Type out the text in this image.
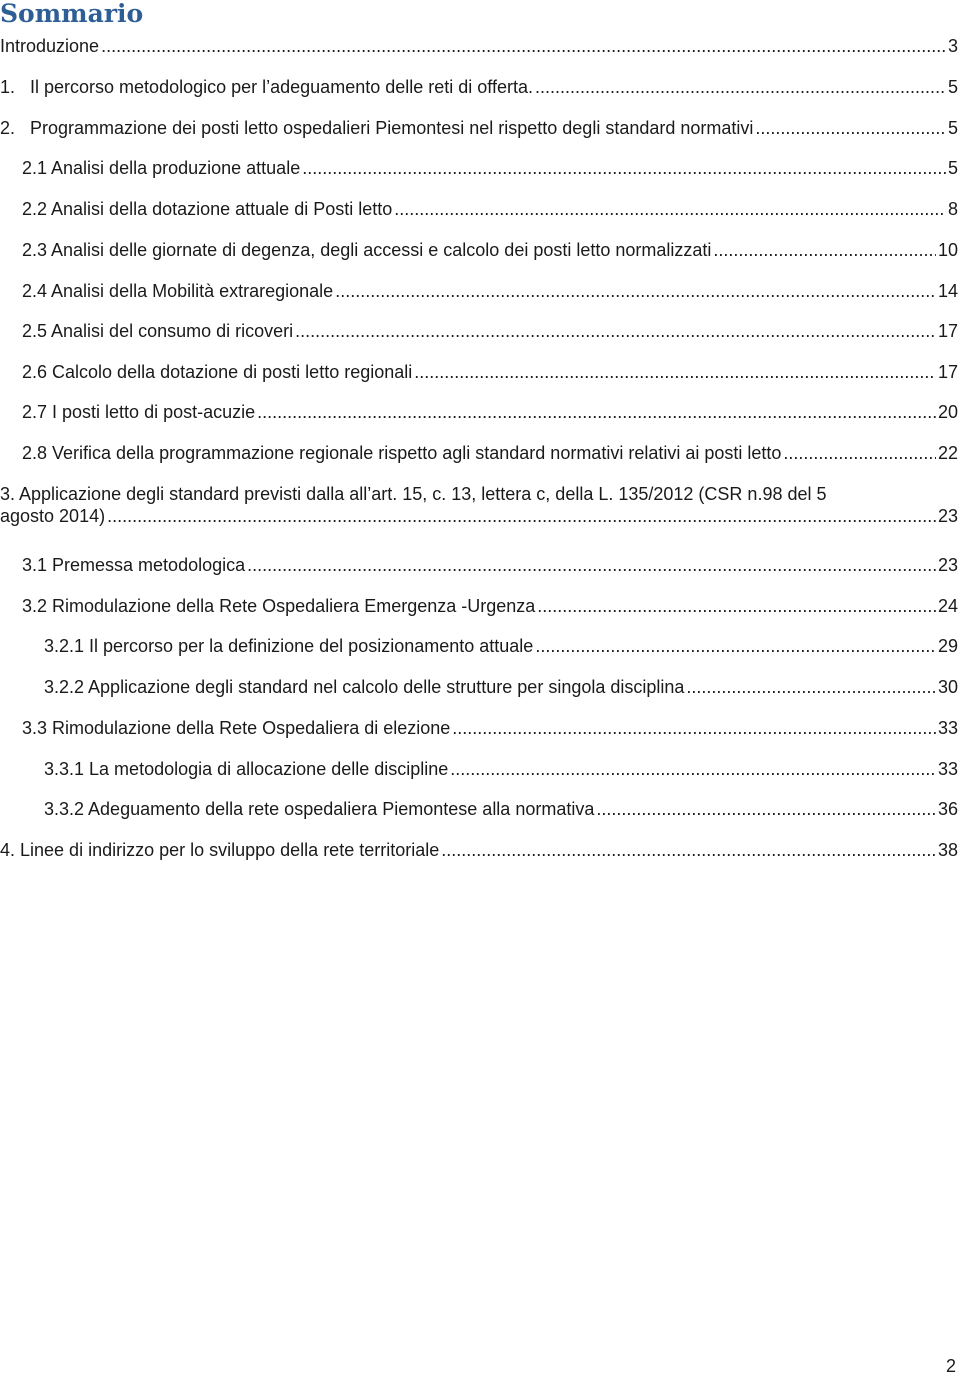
Sommario
Introduzione .....	3
1.   Il percorso metodologico per l’adeguamento delle reti di offerta. .....	5
2.   Programmazione dei posti letto ospedalieri Piemontesi nel rispetto degli standard normativi .....	5
2.1 Analisi della produzione attuale .....	5
2.2 Analisi della dotazione attuale di Posti letto .....	8
2.3 Analisi delle giornate di degenza, degli accessi e calcolo dei posti letto normalizzati .....	10
2.4 Analisi della Mobilità extraregionale .....	14
2.5 Analisi del consumo di ricoveri .....	17
2.6 Calcolo della dotazione di posti letto regionali .....	17
2.7 I posti letto di post-acuzie .....	20
2.8 Verifica della programmazione regionale rispetto agli standard normativi relativi ai posti letto .....	22
3. Applicazione degli standard previsti dalla all’art. 15, c. 13, lettera c, della L. 135/2012 (CSR n.98 del 5
agosto 2014) .....	23
3.1 Premessa metodologica .....	23
3.2 Rimodulazione della Rete Ospedaliera Emergenza -Urgenza .....	24
3.2.1 Il percorso per la definizione del posizionamento attuale .....	29
3.2.2 Applicazione degli standard nel calcolo delle strutture per singola disciplina .....	30
3.3 Rimodulazione della Rete Ospedaliera di elezione .....	33
3.3.1 La metodologia di allocazione delle discipline .....	33
3.3.2 Adeguamento della rete ospedaliera Piemontese alla normativa .....	36
4. Linee di indirizzo per lo sviluppo della rete territoriale .....	38
2
